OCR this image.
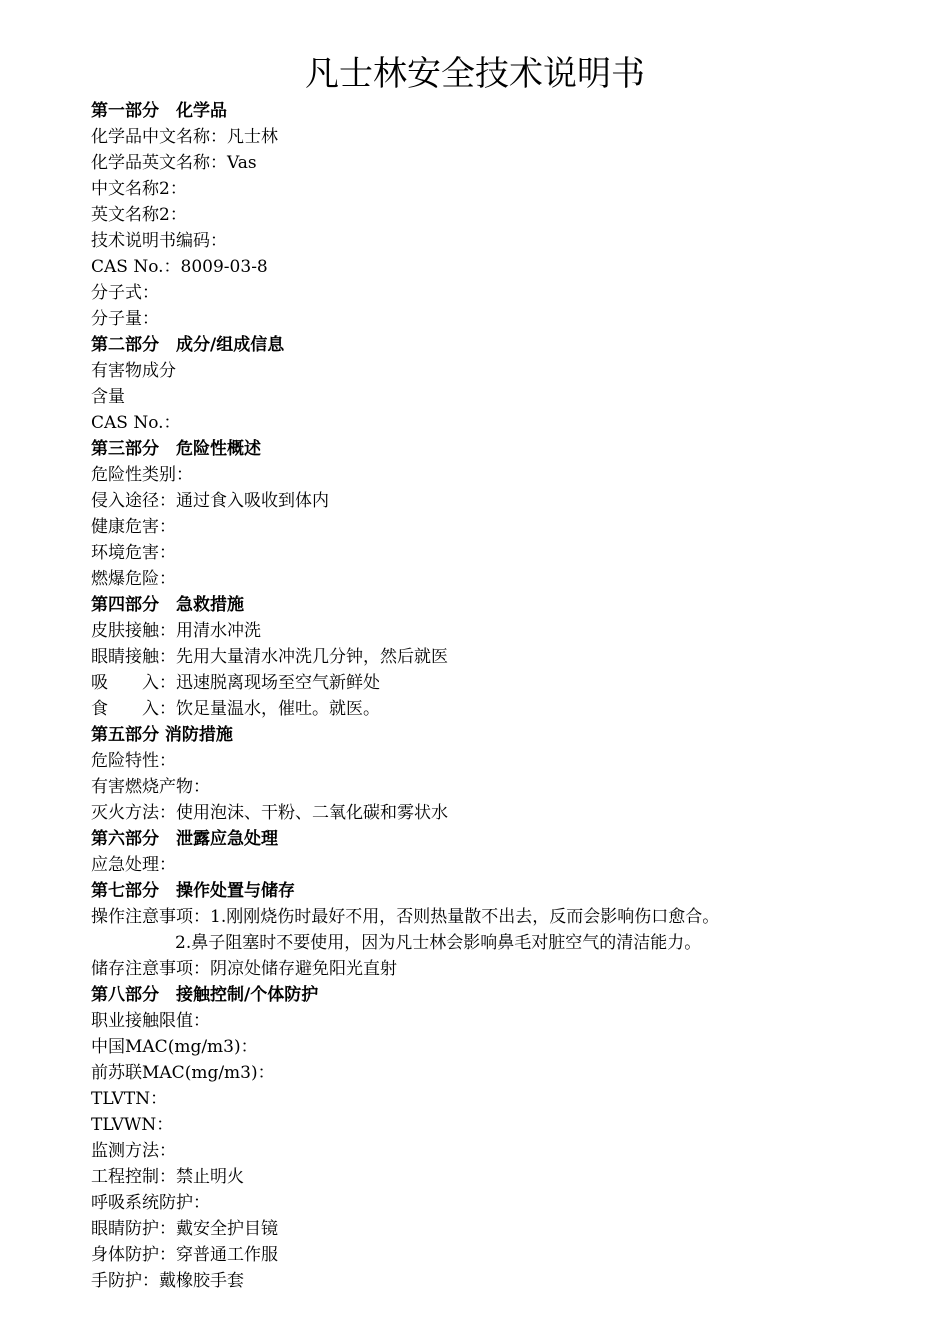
凡士林安全技术说明书
第一部分　化学品
化学品中文名称：凡士林
化学品英文名称：Vas
中文名称2：
英文名称2：
技术说明书编码：
CAS No.：8009-03-8
分子式：
分子量：
第二部分　成分/组成信息
有害物成分
含量
CAS No.：
第三部分　危险性概述
危险性类别：
侵入途径：通过食入吸收到体内
健康危害：
环境危害：
燃爆危险：
第四部分　急救措施
皮肤接触：用清水冲洗
眼睛接触：先用大量清水冲洗几分钟，然后就医
吸　　入：迅速脱离现场至空气新鲜处
食　　入：饮足量温水，催吐。就医。
第五部分 消防措施
危险特性：
有害燃烧产物：
灭火方法：使用泡沫、干粉、二氧化碳和雾状水
第六部分　泄露应急处理
应急处理：
第七部分　操作处置与储存
操作注意事项：1.刚刚烧伤时最好不用，否则热量散不出去，反而会影响伤口愈合。
2.鼻子阻塞时不要使用，因为凡士林会影响鼻毛对脏空气的清洁能力。
储存注意事项：阴凉处储存避免阳光直射
第八部分　接触控制/个体防护
职业接触限值：
中国MAC(mg/m3)：
前苏联MAC(mg/m3)：
TLVTN：
TLVWN：
监测方法：
工程控制：禁止明火
呼吸系统防护：
眼睛防护：戴安全护目镜
身体防护：穿普通工作服
手防护：戴橡胶手套
